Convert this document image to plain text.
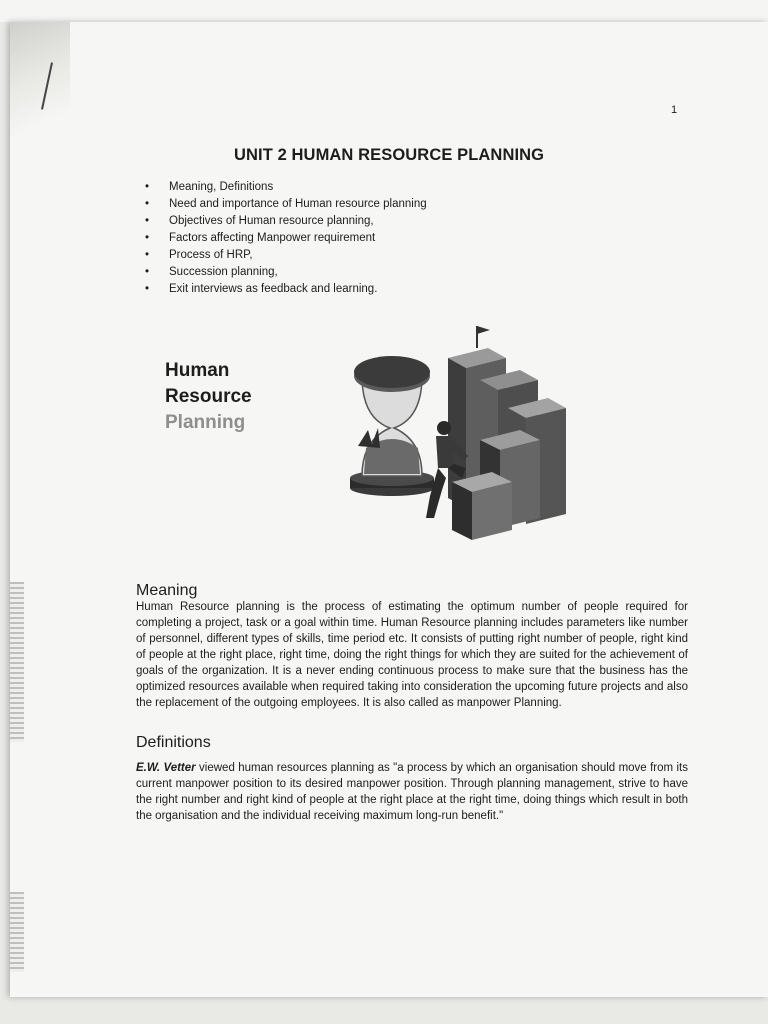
1
UNIT 2 HUMAN RESOURCE PLANNING
• Meaning, Definitions
• Need and importance of Human resource planning
• Objectives of Human resource planning,
• Factors affecting Manpower requirement
• Process of HRP,
• Succession planning,
• Exit interviews as feedback and learning.
Human
Resource
Planning
Meaning

Human Resource planning is the process of estimating the optimum number of people required for completing a project, task or a goal within time. Human Resource planning includes parameters like number of personnel, different types of skills, time period etc. It consists of putting right number of people, right kind of people at the right place, right time, doing the right things for which they are suited for the achievement of goals of the organization. It is a never ending continuous process to make sure that the business has the optimized resources available when required taking into consideration the upcoming future projects and also the replacement of the outgoing employees. It is also called as manpower Planning.

Definitions

E.W. Vetter viewed human resources planning as "a process by which an organisation should move from its current manpower position to its desired manpower position. Through planning management, strive to have the right number and right kind of people at the right place at the right time, doing things which result in both the organisation and the individual receiving maximum long-run benefit."
